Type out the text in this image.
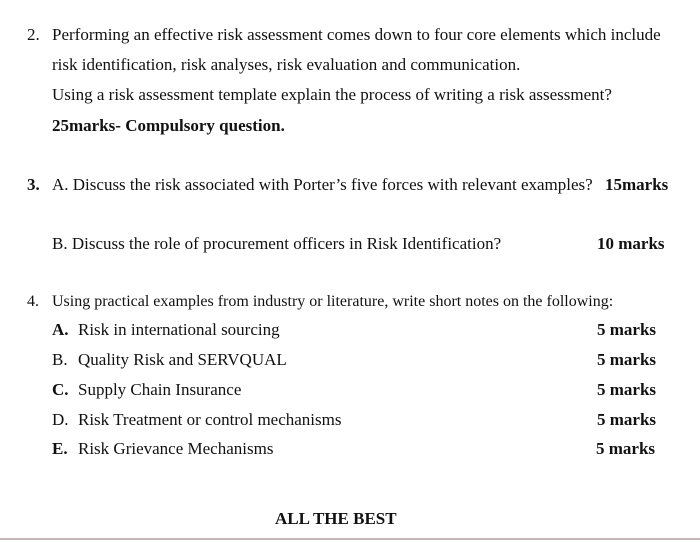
2. Performing an effective risk assessment comes down to four core elements which include
risk identification, risk analyses, risk evaluation and communication.
Using a risk assessment template explain the process of writing a risk assessment?
25marks- Compulsory question.
3. A. Discuss the risk associated with Porter’s five forces with relevant examples? 15marks
B. Discuss the role of procurement officers in Risk Identification?	10 marks
4. Using practical examples from industry or literature, write short notes on the following:
A. Risk in international sourcing	5 marks
B. Quality Risk and SERVQUAL	5 marks
C. Supply Chain Insurance	5 marks
D. Risk Treatment or control mechanisms	5 marks
E. Risk Grievance Mechanisms	5 marks
ALL THE BEST
